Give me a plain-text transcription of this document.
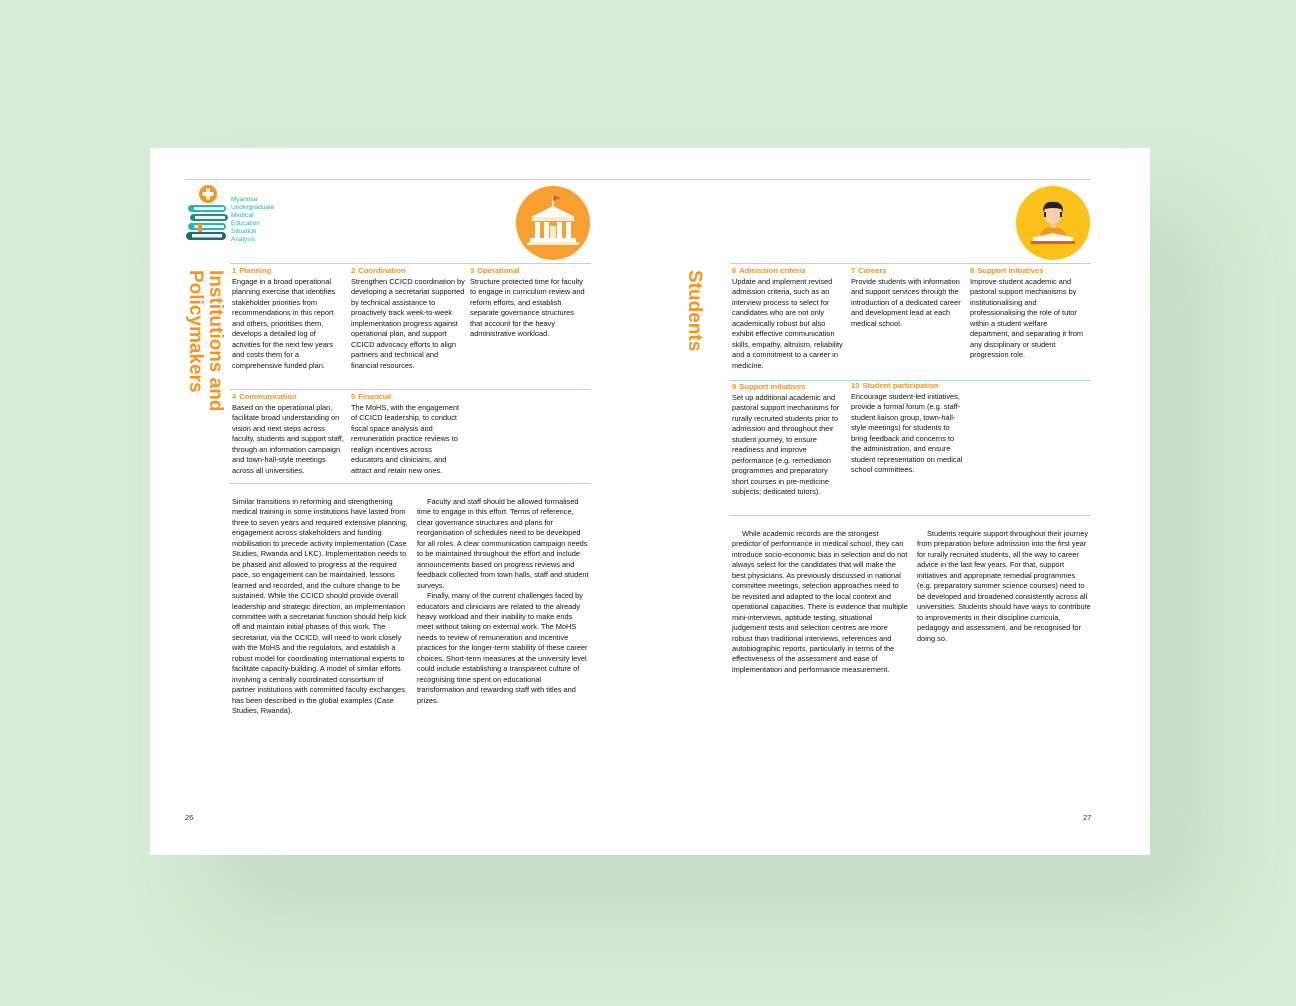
Myanmar
Undergraduate
Medical
Education
Situation
Analysis
Institutions and
Policymakers	1 Planning
Engage in a broad operational planning exercise that identifies stakeholder priorities from recommendations in this report and others, prioritises them, develops a detailed log of activities for the next few years and costs them for a comprehensive funded plan.
2 Coordination
Strengthen CCICD coordination by developing a secretariat supported by technical assistance to proactively track week-to-week implementation progress against operational plan, and support CCICD advocacy efforts to align partners and technical and financial resources.
3 Operational
Structure protected time for faculty to engage in curriculum review and reform efforts, and establish separate governance structures that account for the heavy administrative workload.
4 Communication
Based on the operational plan, facilitate broad understanding on vision and next steps across faculty, students and support staff, through an information campaign and town-hall-style meetings across all universities.
5 Financial
The MoHS, with the engagement of CCICD leadership, to conduct fiscal space analysis and remuneration practice reviews to realign incentives across educators and clinicians, and attract and retain new ones.

Similar transitions in reforming and strengthening medical training in some institutions have lasted from three to seven years and required extensive planning, engagement across stakeholders and funding mobilisation to precede activity implementation (Case Studies, Rwanda and LKC). Implementation needs to be phased and allowed to progress at the required pace, so engagement can be maintained, lessons learned and recorded, and the culture change to be sustained. While the CCICD should provide overall leadership and strategic direction, an implementation committee with a secretariat function should help kick off and maintain initial phases of this work. The secretariat, via the CCICD, will need to work closely with the MoHS and the regulators, and establish a robust model for coordinating international experts to facilitate capacity-building. A model of similar efforts involving a centrally coordinated consortium of partner institutions with committed faculty exchanges has been described in the global examples (Case Studies, Rwanda).

Faculty and staff should be allowed formalised time to engage in this effort. Terms of reference, clear governance structures and plans for reorganisation of schedules need to be developed for all roles. A clear communication campaign needs to be maintained throughout the effort and include announcements based on progress reviews and feedback collected from town halls, staff and student surveys.

Finally, many of the current challenges faced by educators and clinicians are related to the already heavy workload and their inability to make ends meet without taking on external work. The MoHS needs to review of remuneration and incentive practices for the longer-term stability of these career choices. Short-term measures at the university level could include establishing a transparent culture of recognising time spent on educational transformation and rewarding staff with titles and prizes.

26
Students	6 Admission criteria
Update and implement revised admission criteria, such as an interview process to select for candidates who are not only academically robust but also exhibit effective communication skills, empathy, altruism, reliability and a commitment to a career in medicine.
7 Careers
Provide students with information and support services through the introduction of a dedicated career and development lead at each medical school.
8 Support initiatives
Improve student academic and pastoral support mechanisms by institutionalising and professionalising the role of tutor within a student welfare department, and separating it from any disciplinary or student progression role.
9 Support initiatives
Set up additional academic and pastoral support mechanisms for rurally recruited students prior to admission and throughout their student journey, to ensure readiness and improve performance (e.g. remediation programmes and preparatory short courses in pre-medicine subjects; dedicated tutors).
10 Student participation
Encourage student-led initiatives, provide a formal forum (e.g. staff-student liaison group, town-hall-style meetings) for students to bring feedback and concerns to the administration, and ensure student representation on medical school committees.

While academic records are the strongest predictor of performance in medical school, they can introduce socio-economic bias in selection and do not always select for the candidates that will make the best physicians. As previously discussed in national committee meetings, selection approaches need to be revisited and adapted to the local context and operational capacities. There is evidence that multiple mini-interviews, aptitude testing, situational judgement tests and selection centres are more robust than traditional interviews, references and autobiographic reports, particularly in terms of the effectiveness of the assessment and ease of implementation and performance measurement.

Students require support throughout their journey from preparation before admission into the first year for rurally recruited students, all the way to career advice in the last few years. For that, support initiatives and appropriate remedial programmes (e.g. preparatory summer science courses) need to be developed and broadened consistently across all universities. Students should have ways to contribute to improvements in their discipline curricula, pedagogy and assessment, and be recognised for doing so.

27
